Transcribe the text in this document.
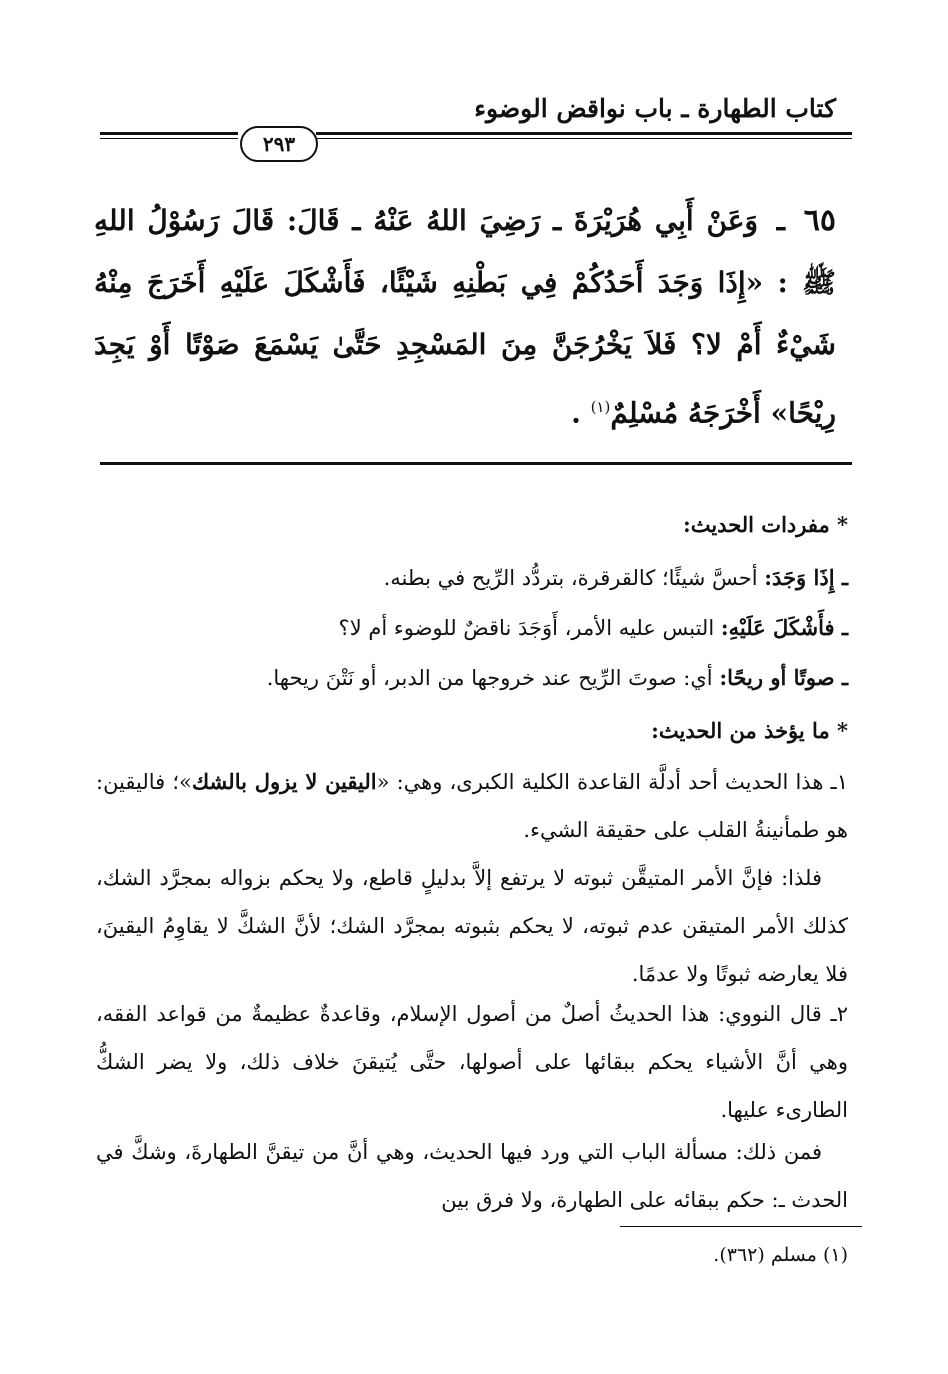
كتاب الطهارة ـ باب نواقض الوضوء
٢٩٣
٦٥ ـ وَعَنْ أَبِي هُرَيْرَةَ ـ رَضِيَ اللهُ عَنْهُ ـ قَالَ: قَالَ رَسُوْلُ اللهِ ﷺ : «إِذَا وَجَدَ أَحَدُكُمْ فِي بَطْنِهِ شَيْئًا، فَأَشْكَلَ عَلَيْهِ أَخَرَجَ مِنْهُ شَيْءٌ أَمْ لا؟ فَلاَ يَخْرُجَنَّ مِنَ المَسْجِدِ حَتَّىٰ يَسْمَعَ صَوْتًا أَوْ يَجِدَ رِيْحًا» أَخْرَجَهُ مُسْلِمٌ$^{(١)}$ .
* مفردات الحديث:
ـ إِذَا وَجَدَ: أحسَّ شيئًا؛ كالقرقرة، بتردُّد الرِّيح في بطنه.
ـ فأَشْكَلَ عَلَيْهِ: التبس عليه الأمر، أَوَجَدَ ناقضٌ للوضوء أم لا؟
ـ صوتًا أو ريحًا: أي: صوتَ الرِّيح عند خروجها من الدبر، أو نَتْنَ ريحها.
* ما يؤخذ من الحديث:
١ـ هذا الحديث أحد أدلَّة القاعدة الكلية الكبرى، وهي: «اليقين لا يزول بالشك»؛ فاليقين: هو طمأنينةُ القلب على حقيقة الشيء.
فلذا: فإنَّ الأمر المتيقَّن ثبوته لا يرتفع إلاَّ بدليلٍ قاطع، ولا يحكم بزواله بمجرَّد الشك، كذلك الأمر المتيقن عدم ثبوته، لا يحكم بثبوته بمجرَّد الشك؛ لأنَّ الشكَّ لا يقاوِمُ اليقينَ، فلا يعارضه ثبوتًا ولا عدمًا.
٢ـ قال النووي: هذا الحديثُ أصلٌ من أصول الإسلام، وقاعدةٌ عظيمةٌ من قواعد الفقه، وهي أنَّ الأشياء يحكم ببقائها على أصولها، حتَّى يُتيقنَ خلاف ذلك، ولا يضر الشكُّ الطارىء عليها.
فمن ذلك: مسألة الباب التي ورد فيها الحديث، وهي أنَّ من تيقنَّ الطهارةَ، وشكَّ في الحدث ـ: حكم ببقائه على الطهارة، ولا فرق بين
(١) مسلم (٣٦٢).
